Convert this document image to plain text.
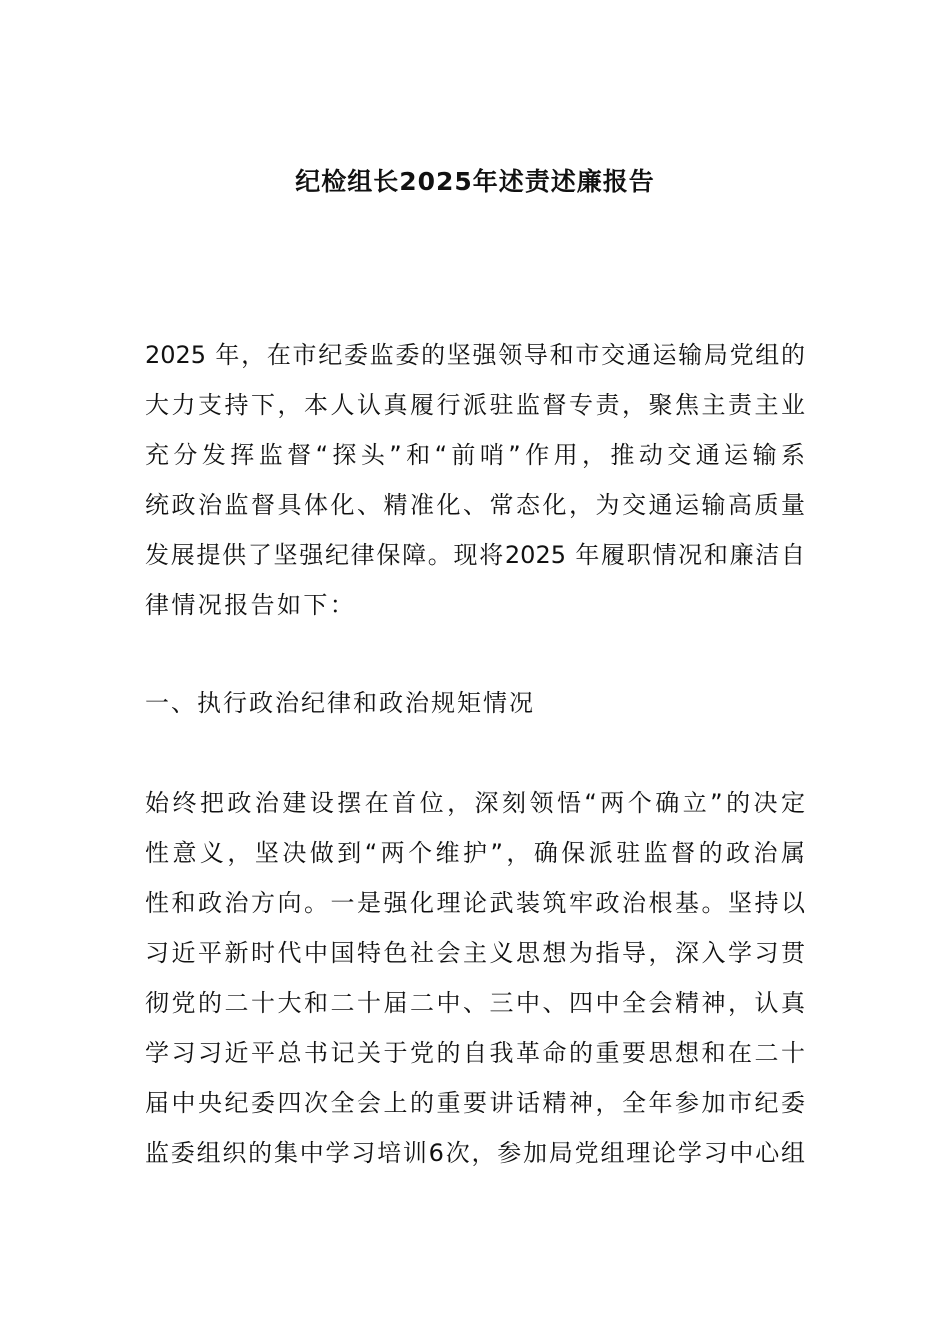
纪检组长2025年述责述廉报告
2025 年，在市纪委监委的坚强领导和市交通运输局党组的
大力支持下，本人认真履行派驻监督专责，聚焦主责主业
充分发挥监督“探头”和“前哨”作用，推动交通运输系
统政治监督具体化、精准化、常态化，为交通运输高质量
发展提供了坚强纪律保障。现将2025 年履职情况和廉洁自
律情况报告如下：
一、执行政治纪律和政治规矩情况
始终把政治建设摆在首位，深刻领悟“两个确立”的决定
性意义，坚决做到“两个维护”，确保派驻监督的政治属
性和政治方向。一是强化理论武装筑牢政治根基。坚持以
习近平新时代中国特色社会主义思想为指导，深入学习贯
彻党的二十大和二十届二中、三中、四中全会精神，认真
学习习近平总书记关于党的自我革命的重要思想和在二十
届中央纪委四次全会上的重要讲话精神，全年参加市纪委
监委组织的集中学习培训6次，参加局党组理论学习中心组
